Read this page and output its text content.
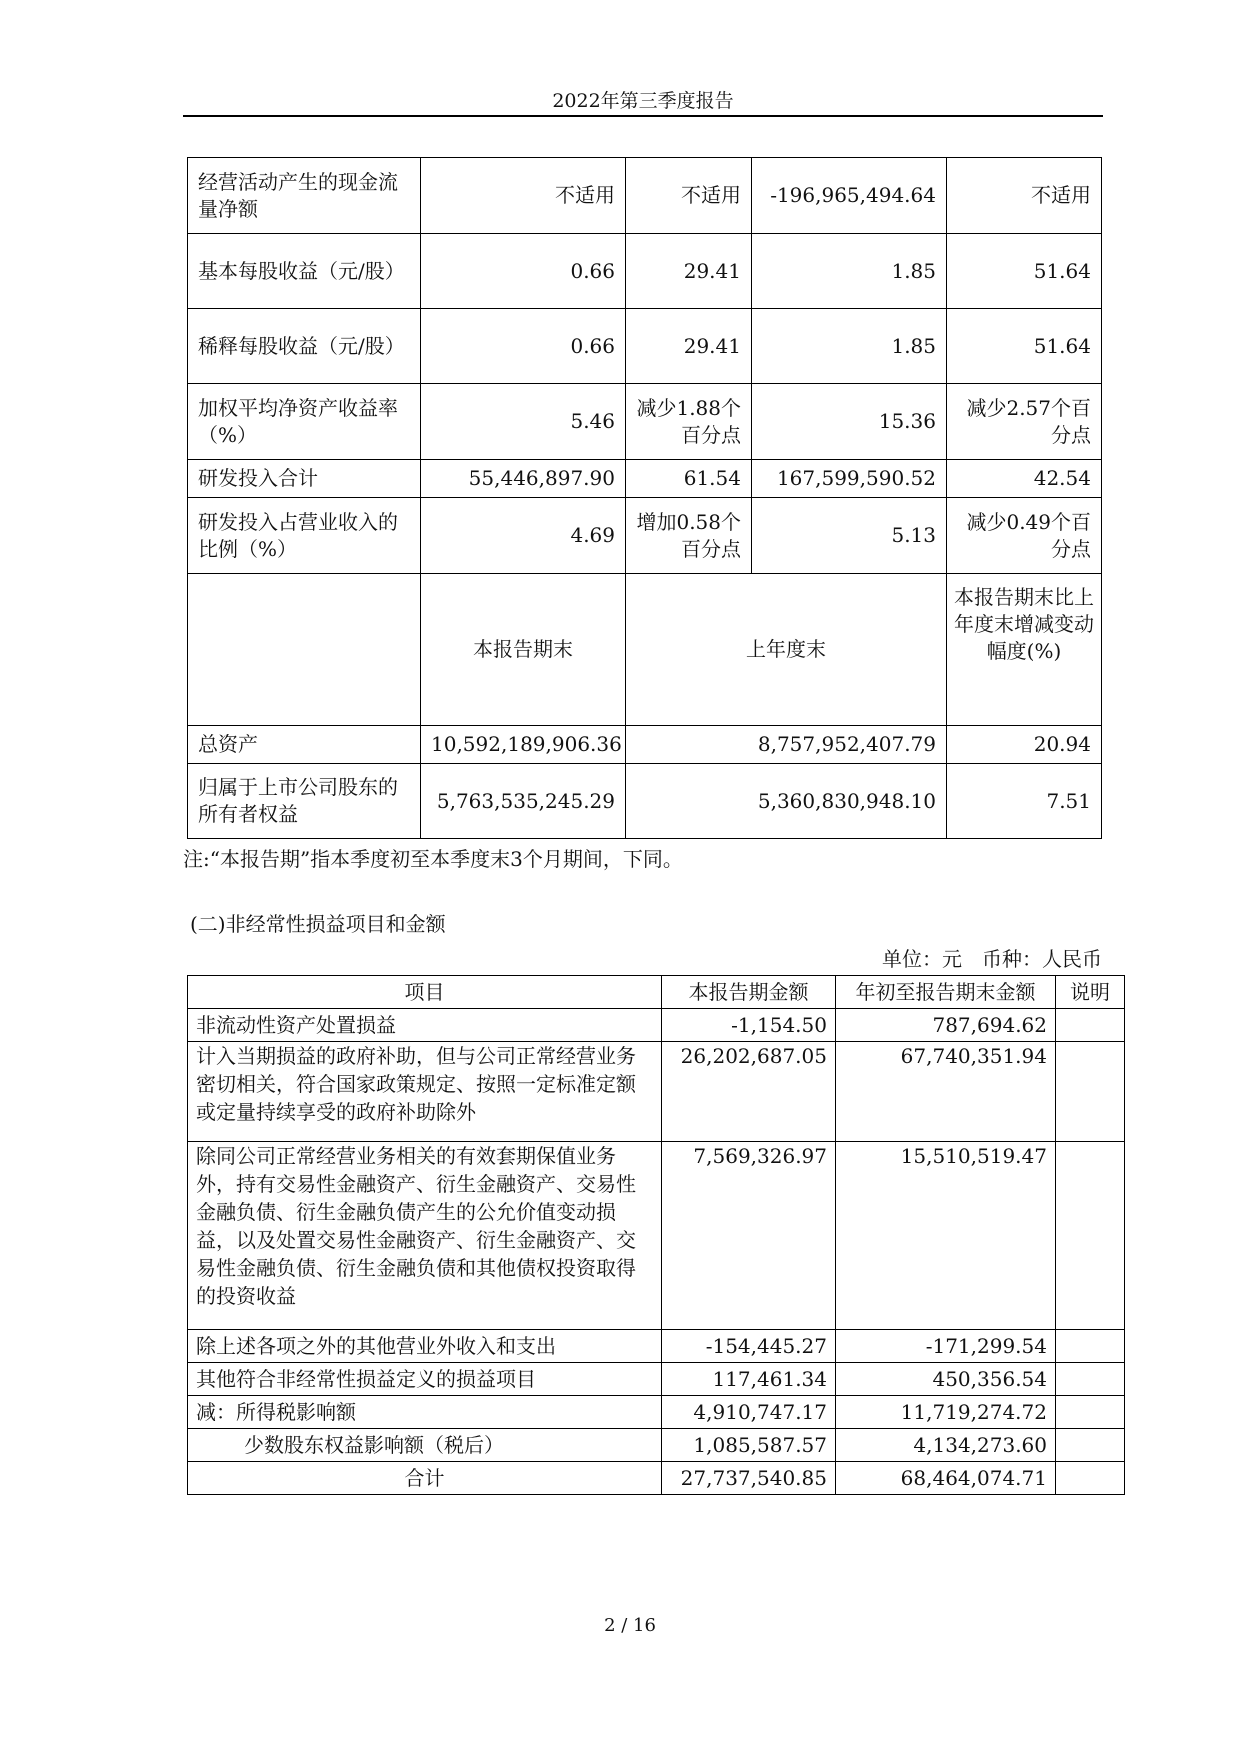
2022年第三季度报告
经营活动产生的现金流量净额	不适用	不适用	-196,965,494.64	不适用
基本每股收益（元/股）	0.66	29.41	1.85	51.64
稀释每股收益（元/股）	0.66	29.41	1.85	51.64
加权平均净资产收益率（%）	5.46	减少1.88个百分点	15.36	减少2.57个百分点
研发投入合计	55,446,897.90	61.54	167,599,590.52	42.54
研发投入占营业收入的比例（%）	4.69	增加0.58个百分点	5.13	减少0.49个百分点
	本报告期末	上年度末		本报告期末比上年度末增减变动幅度(%)
总资产	10,592,189,906.36	8,757,952,407.79		20.94
归属于上市公司股东的所有者权益	5,763,535,245.29	5,360,830,948.10		7.51
注:“本报告期”指本季度初至本季度末3个月期间，下同。
(二)非经常性损益项目和金额
单位：元　币种：人民币
项目	本报告期金额	年初至报告期末金额	说明
非流动性资产处置损益	-1,154.50	787,694.62	
计入当期损益的政府补助，但与公司正常经营业务密切相关，符合国家政策规定、按照一定标准定额或定量持续享受的政府补助除外	26,202,687.05	67,740,351.94	
除同公司正常经营业务相关的有效套期保值业务外，持有交易性金融资产、衍生金融资产、交易性金融负债、衍生金融负债产生的公允价值变动损益，以及处置交易性金融资产、衍生金融资产、交易性金融负债、衍生金融负债和其他债权投资取得的投资收益	7,569,326.97	15,510,519.47	
除上述各项之外的其他营业外收入和支出	-154,445.27	-171,299.54	
其他符合非经常性损益定义的损益项目	117,461.34	450,356.54	
减：所得税影响额	4,910,747.17	11,719,274.72	
少数股东权益影响额（税后）	1,085,587.57	4,134,273.60	
合计	27,737,540.85	68,464,074.71	
2 / 16
